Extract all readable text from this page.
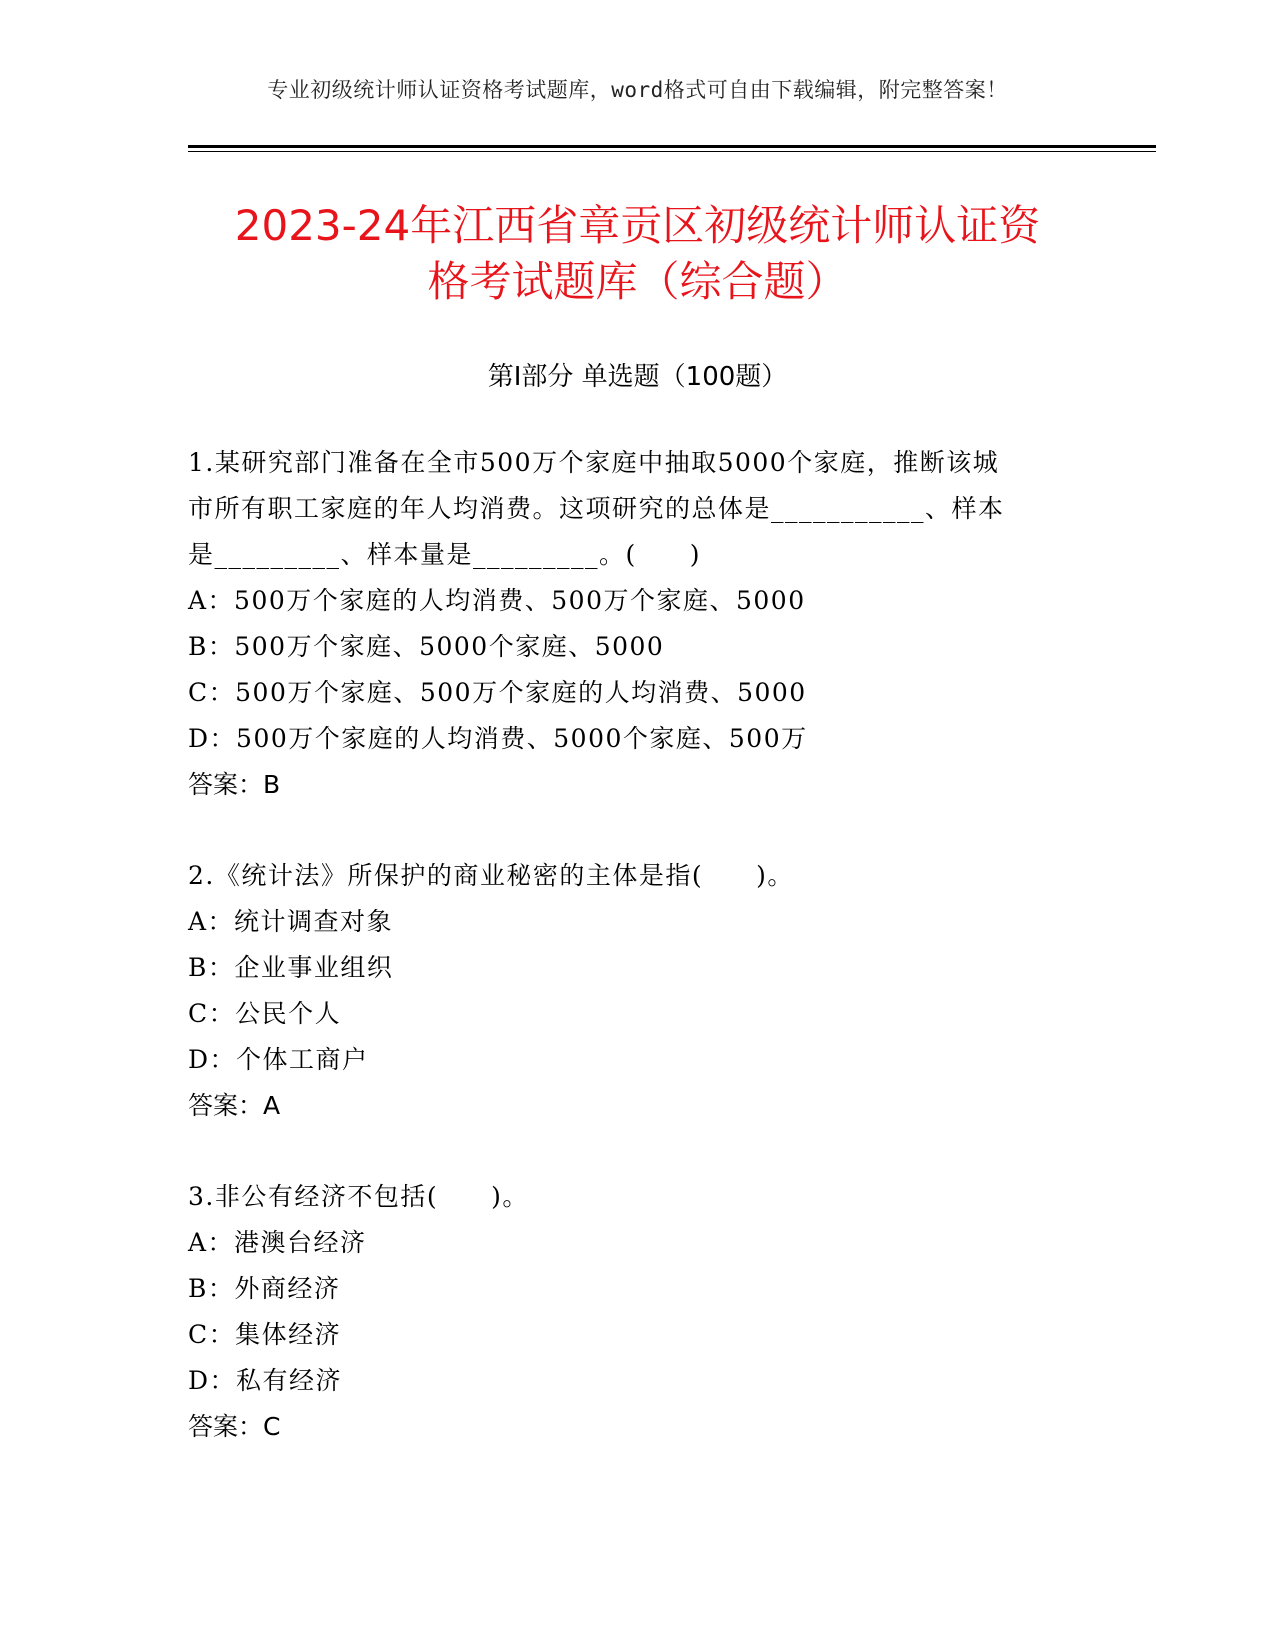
专业初级统计师认证资格考试题库，word格式可自由下载编辑，附完整答案！
2023-24年江西省章贡区初级统计师认证资
格考试题库（综合题）
第Ⅰ部分 单选题（100题）
1.某研究部门准备在全市500万个家庭中抽取5000个家庭，推断该城
市所有职工家庭的年人均消费。这项研究的总体是___________、样本
是_________、样本量是_________。(　　)
A：500万个家庭的人均消费、500万个家庭、5000
B：500万个家庭、5000个家庭、5000
C：500万个家庭、500万个家庭的人均消费、5000
D：500万个家庭的人均消费、5000个家庭、500万
答案：B
2.《统计法》所保护的商业秘密的主体是指(　　)。
A：统计调查对象
B：企业事业组织
C：公民个人
D：个体工商户
答案：A
3.非公有经济不包括(　　)。
A：港澳台经济
B：外商经济
C：集体经济
D：私有经济
答案：C
